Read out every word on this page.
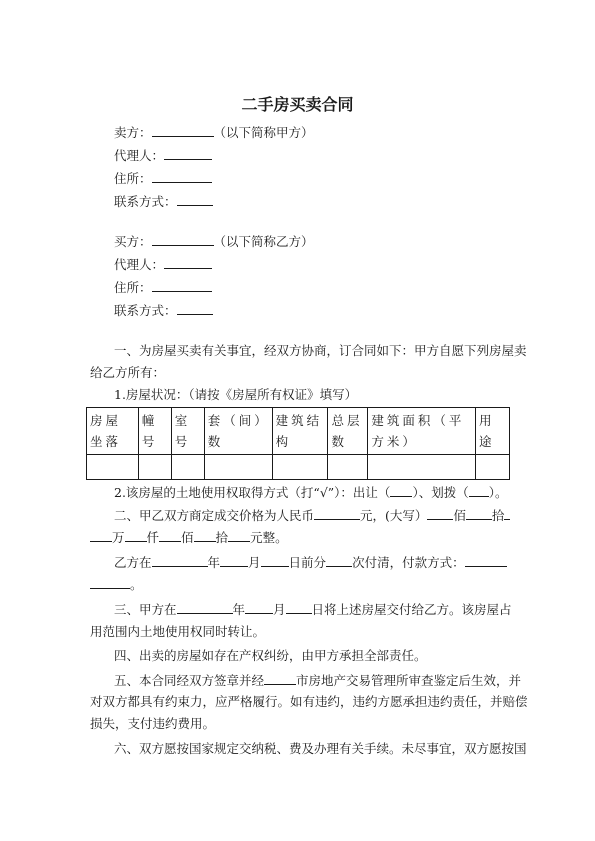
二手房买卖合同
卖方：	（以下简称甲方）
代理人：
住所：
联系方式：
买方：	（以下简称乙方）
代理人：
住所：
联系方式：
一、为房屋买卖有关事宜，经双方协商，订合同如下：甲方自愿下列房屋卖
给乙方所有：
1.房屋状况：（请按《房屋所有权证》填写）
房屋坐落	幢号	室号	套（间）数	建筑结构	总层数	建筑面积（平方米）	用途

2.该房屋的土地使用权取得方式（打“√”）：出让（ ）、划拨（ ）。
二、甲乙双方商定成交价格为人民币	元，(大写） 佰 拾
万 仟 佰 拾 元整。
乙方在	年 月 日前分 次付清，付款方式：
。
三、甲方在	年 月 日将上述房屋交付给乙方。该房屋占
用范围内土地使用权同时转让。
四、出卖的房屋如存在产权纠纷，由甲方承担全部责任。
五、本合同经双方签章并经	市房地产交易管理所审查鉴定后生效，并
对双方都具有约束力，应严格履行。如有违约，违约方愿承担违约责任，并赔偿
损失，支付违约费用。
六、双方愿按国家规定交纳税、费及办理有关手续。未尽事宜，双方愿按国
